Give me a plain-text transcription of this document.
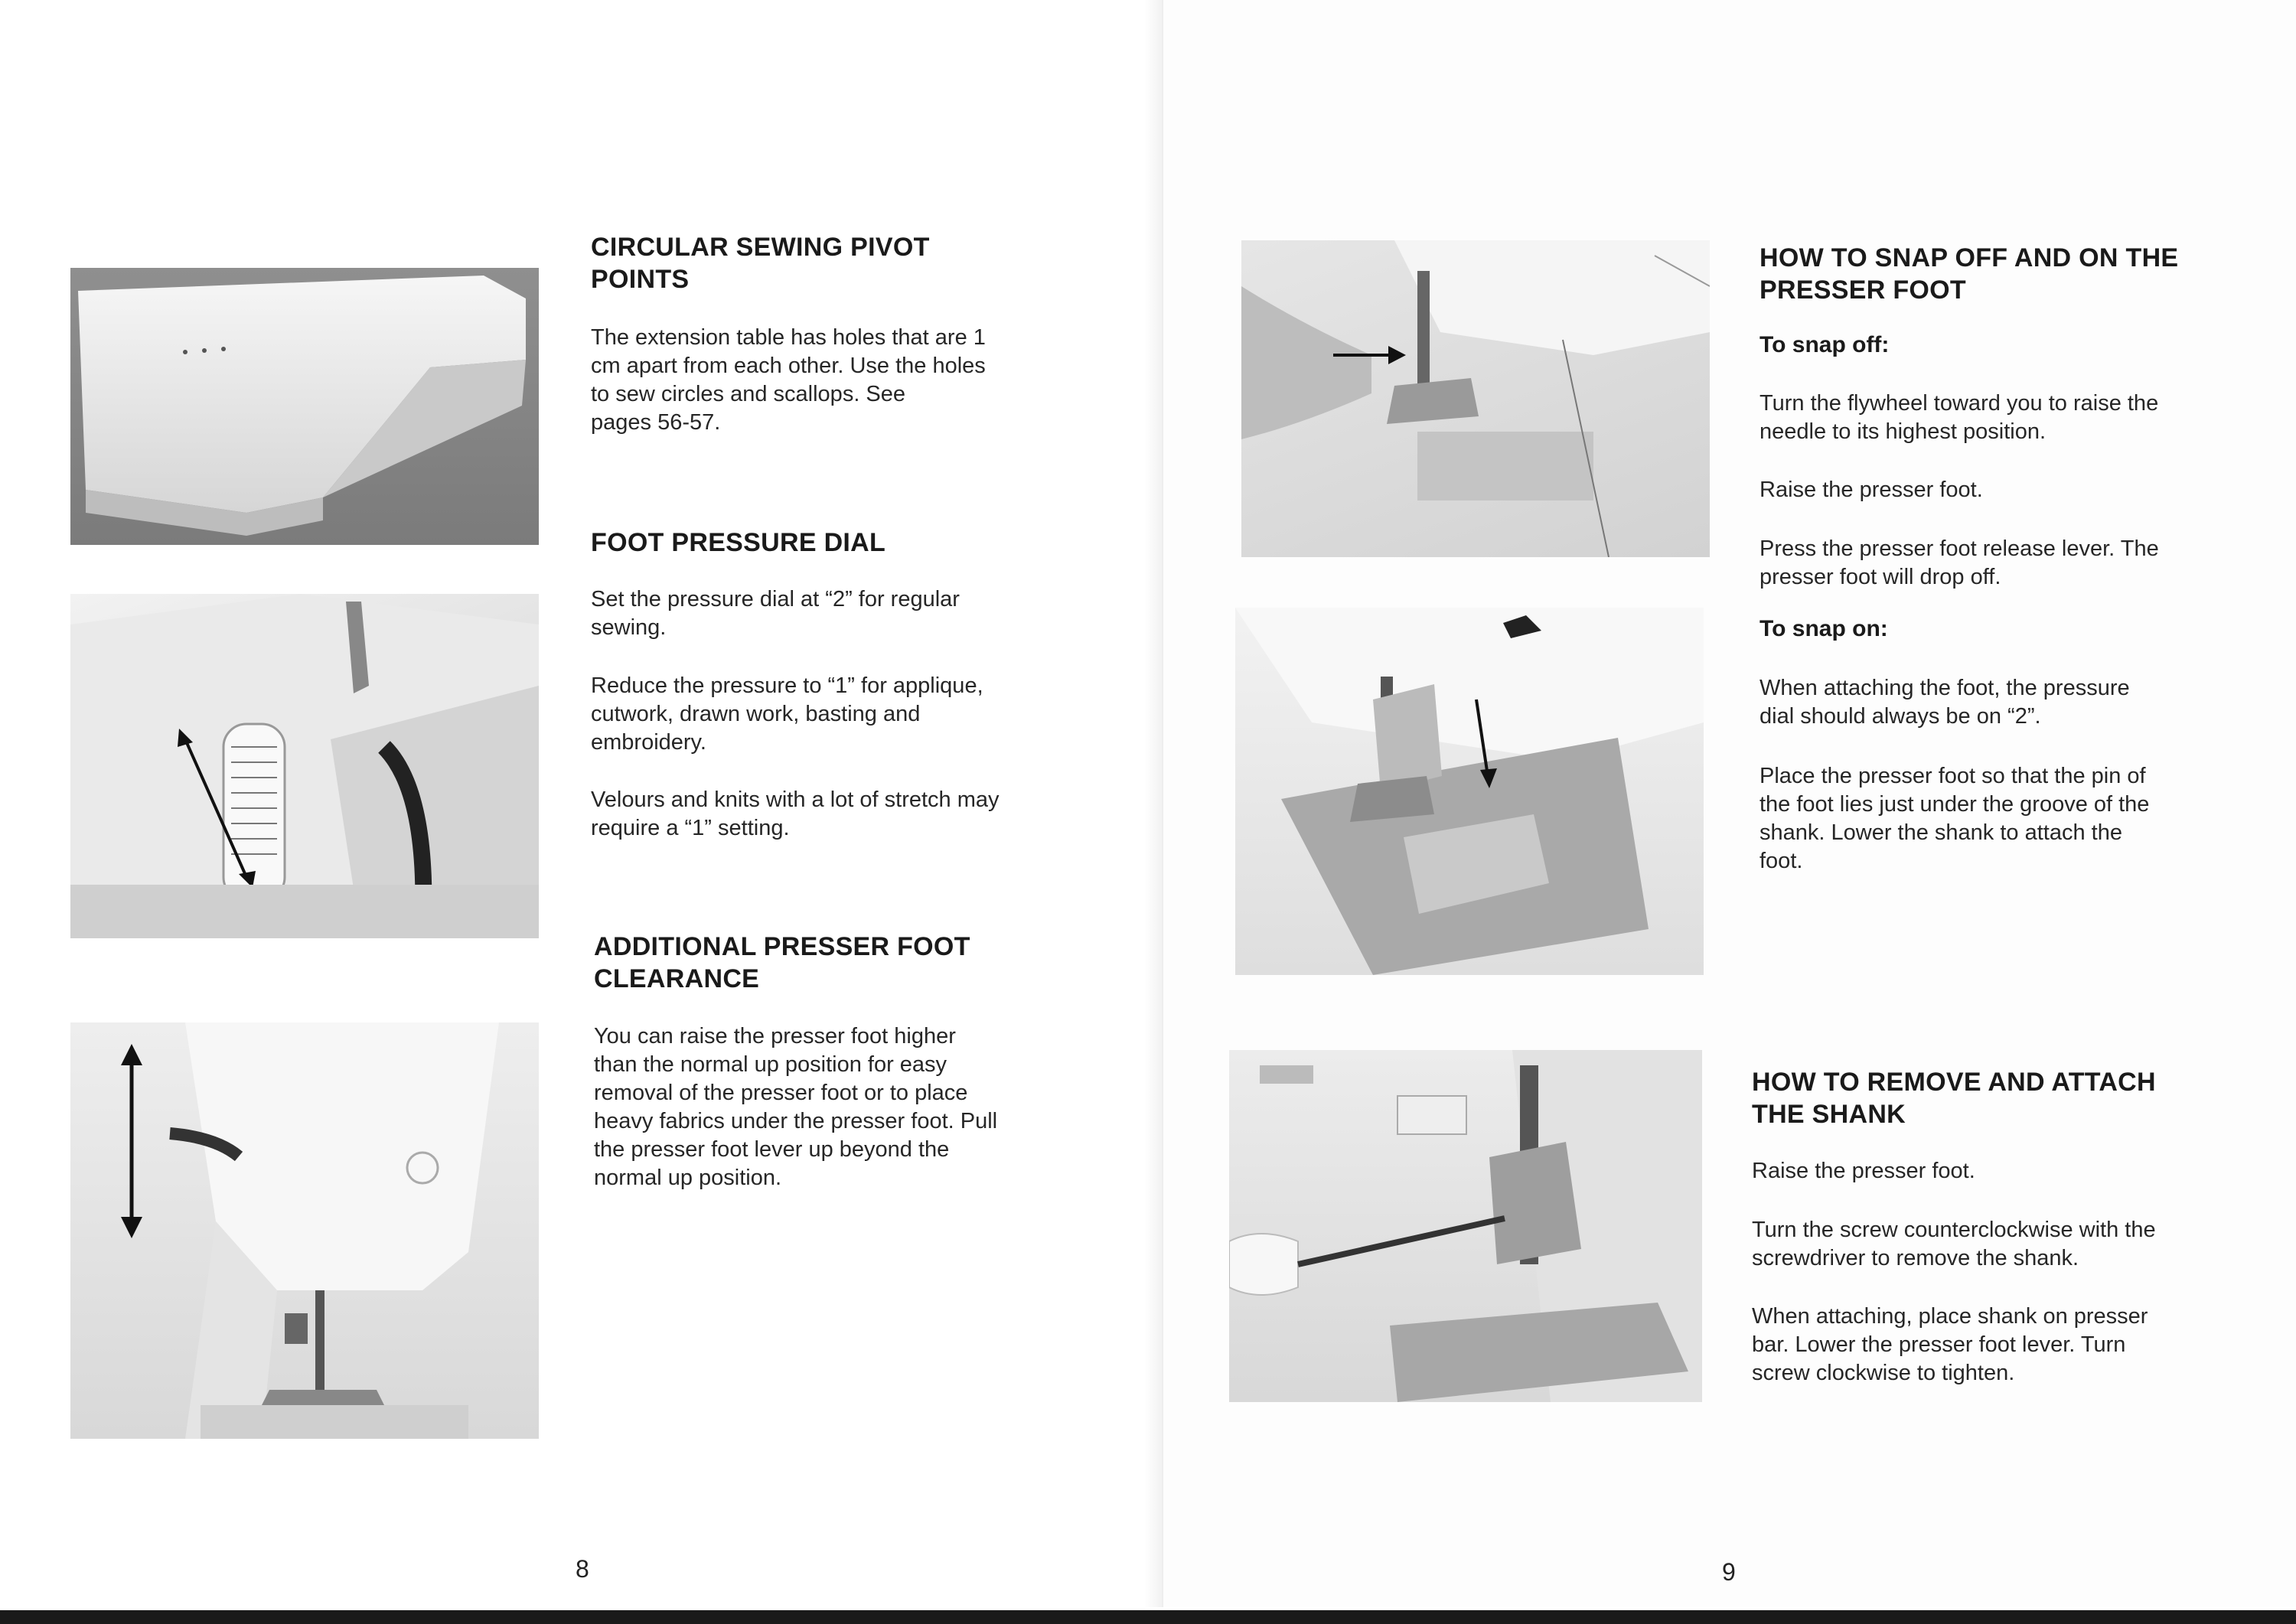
CIRCULAR SEWING PIVOT
POINTS

The extension table has holes that are 1
cm apart from each other. Use the holes
to sew circles and scallops. See
pages 56-57.

FOOT PRESSURE DIAL

Set the pressure dial at “2” for regular
sewing.

Reduce the pressure to “1” for applique,
cutwork, drawn work, basting and
embroidery.

Velours and knits with a lot of stretch may
require a “1” setting.

ADDITIONAL PRESSER FOOT
CLEARANCE

You can raise the presser foot higher
than the normal up position for easy
removal of the presser foot or to place
heavy fabrics under the presser foot. Pull
the presser foot lever up beyond the
normal up position.

8

HOW TO SNAP OFF AND ON THE
PRESSER FOOT
To snap off:

Turn the flywheel toward you to raise the
needle to its highest position.

Raise the presser foot.

Press the presser foot release lever. The
presser foot will drop off.

To snap on:

When attaching the foot, the pressure
dial should always be on “2”.

Place the presser foot so that the pin of
the foot lies just under the groove of the
shank. Lower the shank to attach the
foot.

HOW TO REMOVE AND ATTACH
THE SHANK

Raise the presser foot.

Turn the screw counterclockwise with the
screwdriver to remove the shank.

When attaching, place shank on presser
bar. Lower the presser foot lever. Turn
screw clockwise to tighten.

9
